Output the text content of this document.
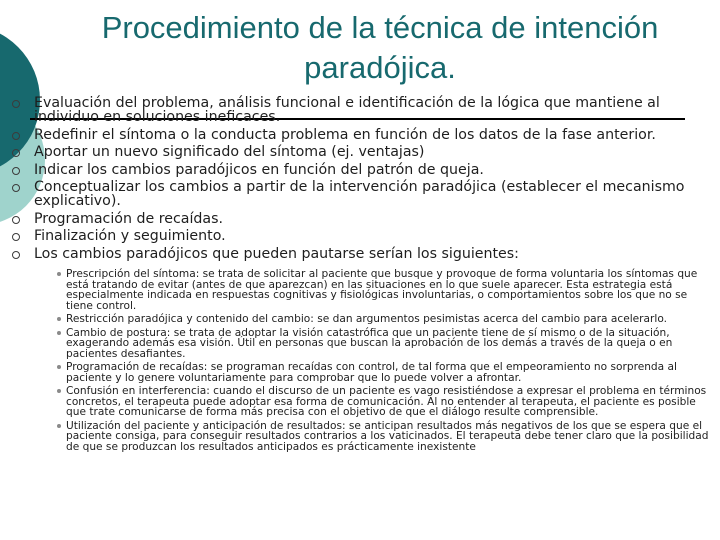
Procedimiento de la técnica de intención paradójica.
Evaluación del problema, análisis funcional e identificación de la lógica que mantiene al individuo en soluciones ineficaces.
Redefinir el síntoma o la conducta problema en función de los datos de la fase anterior.
Aportar un nuevo significado del síntoma (ej. ventajas)
Indicar los cambios paradójicos en función del patrón de queja.
Conceptualizar los cambios a partir de la intervención paradójica (establecer el mecanismo explicativo).
Programación de recaídas.
Finalización y seguimiento.
Los cambios paradójicos que pueden pautarse serían los siguientes:
Prescripción del síntoma: se trata de solicitar al paciente que busque y provoque de forma voluntaria los síntomas que está tratando de evitar (antes de que aparezcan) en las situaciones en lo que suele aparecer. Esta estrategia está especialmente indicada en respuestas cognitivas y fisiológicas involuntarias, o comportamientos sobre los que no se tiene control.
Restricción paradójica y contenido del cambio: se dan argumentos pesimistas acerca del cambio para acelerarlo.
Cambio de postura: se trata de adoptar la visión catastrófica que un paciente tiene de sí mismo o de la situación, exagerando además esa visión. Útil en personas que buscan la aprobación de los demás a través de la queja o en pacientes desafiantes.
Programación de recaídas: se programan recaídas con control, de tal forma que el empeoramiento no sorprenda al paciente y lo genere voluntariamente para comprobar que lo puede volver a afrontar.
Confusión en interferencia: cuando el discurso de un paciente es vago resistiéndose a expresar el problema en términos concretos, el terapeuta puede adoptar esa forma de comunicación. Al no entender al terapeuta, el paciente es posible que trate comunicarse de forma más precisa con el objetivo de que el diálogo resulte comprensible.
Utilización del paciente y anticipación de resultados: se anticipan resultados más negativos de los que se espera que el paciente consiga, para conseguir resultados contrarios a los vaticinados. El terapeuta debe tener claro que la posibilidad de que se produzcan los resultados anticipados es prácticamente inexistente
